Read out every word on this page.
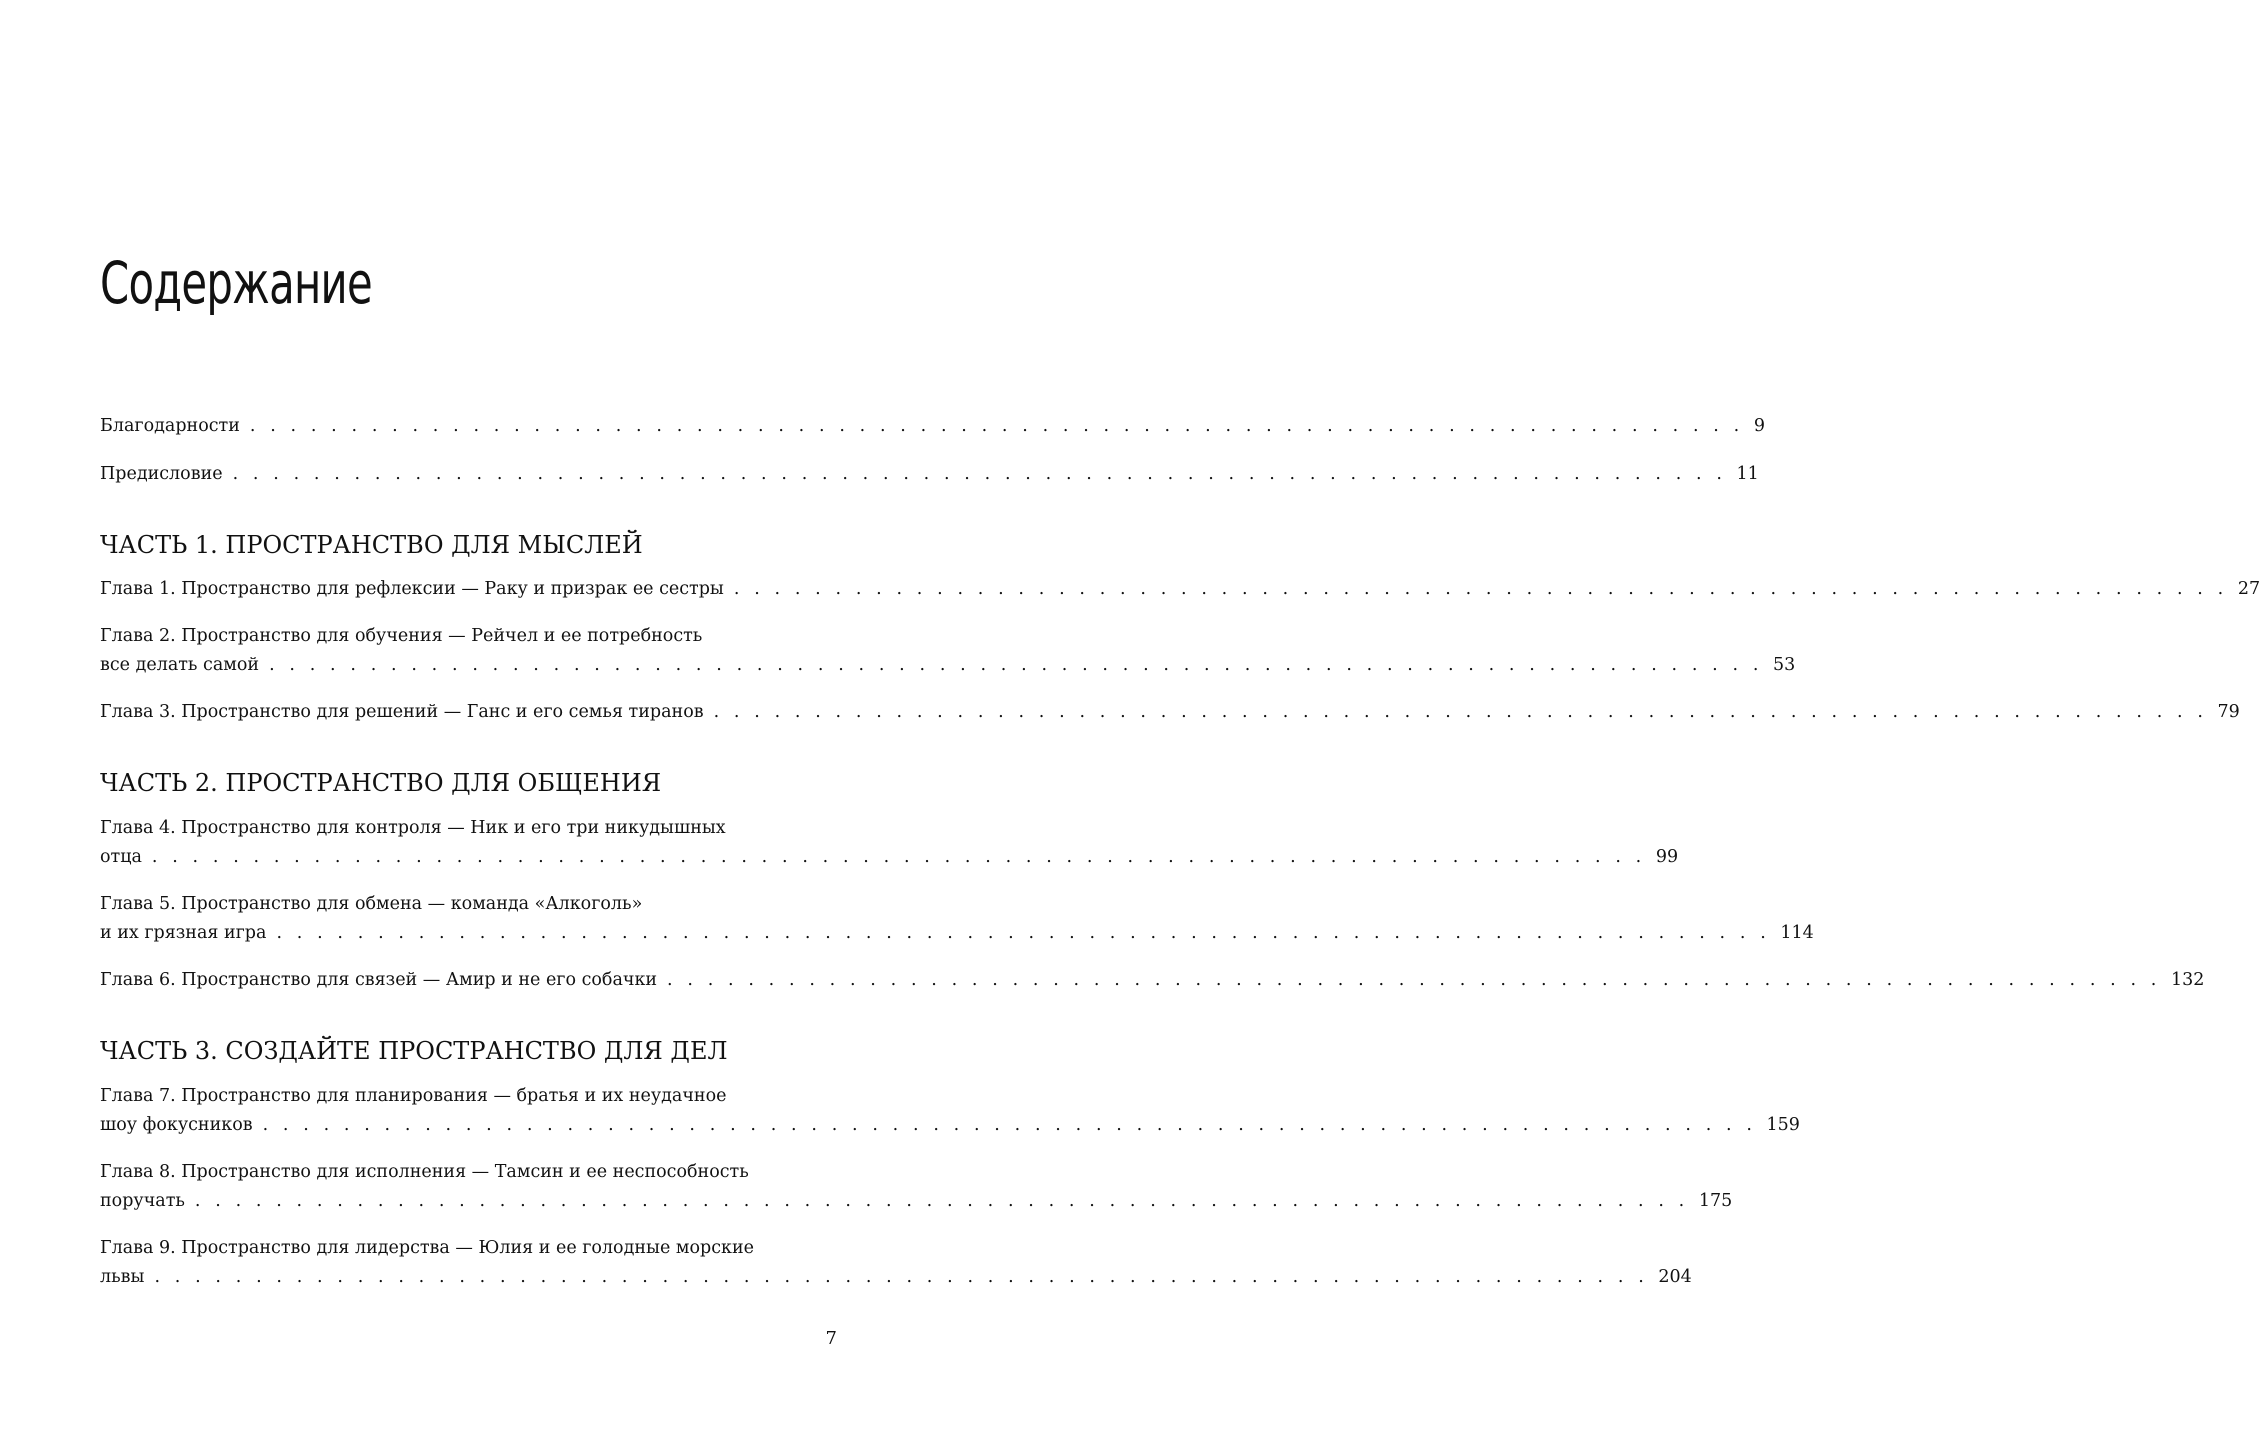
Содержание
Благодарности . . . . . . . . . . . . . . . . . . . . . . . . . . . . . . . . . . . . . . . . . . . . . . . . . . . . . . . . . . . . . . . . . . . . . . . . . . 9
Предисловие . . . . . . . . . . . . . . . . . . . . . . . . . . . . . . . . . . . . . . . . . . . . . . . . . . . . . . . . . . . . . . . . . . . . . . . . . . 11
ЧАСТЬ 1. ПРОСТРАНСТВО ДЛЯ МЫСЛЕЙ
Глава 1. Пространство для рефлексии — Раку и призрак ее сестры . . . . . . . . . . . . . . . . . . . . . . . . . . . . . . . . . . . . . . . . . . . . . . . . . . . . . . . . . . . . . . . . . . . . . . . . . . 27
Глава 2. Пространство для обучения — Рейчел и ее потребность
все делать самой . . . . . . . . . . . . . . . . . . . . . . . . . . . . . . . . . . . . . . . . . . . . . . . . . . . . . . . . . . . . . . . . . . . . . . . . . . 53
Глава 3. Пространство для решений — Ганс и его семья тиранов . . . . . . . . . . . . . . . . . . . . . . . . . . . . . . . . . . . . . . . . . . . . . . . . . . . . . . . . . . . . . . . . . . . . . . . . . . 79
ЧАСТЬ 2. ПРОСТРАНСТВО ДЛЯ ОБЩЕНИЯ
Глава 4. Пространство для контроля — Ник и его три никудышных
отца . . . . . . . . . . . . . . . . . . . . . . . . . . . . . . . . . . . . . . . . . . . . . . . . . . . . . . . . . . . . . . . . . . . . . . . . . . 99
Глава 5. Пространство для обмена — команда «Алкоголь»
и их грязная игра . . . . . . . . . . . . . . . . . . . . . . . . . . . . . . . . . . . . . . . . . . . . . . . . . . . . . . . . . . . . . . . . . . . . . . . . . . 114
Глава 6. Пространство для связей — Амир и не его собачки . . . . . . . . . . . . . . . . . . . . . . . . . . . . . . . . . . . . . . . . . . . . . . . . . . . . . . . . . . . . . . . . . . . . . . . . . . 132
ЧАСТЬ 3. СОЗДАЙТЕ ПРОСТРАНСТВО ДЛЯ ДЕЛ
Глава 7. Пространство для планирования — братья и их неудачное
шоу фокусников . . . . . . . . . . . . . . . . . . . . . . . . . . . . . . . . . . . . . . . . . . . . . . . . . . . . . . . . . . . . . . . . . . . . . . . . . . 159
Глава 8. Пространство для исполнения — Тамсин и ее неспособность
поручать . . . . . . . . . . . . . . . . . . . . . . . . . . . . . . . . . . . . . . . . . . . . . . . . . . . . . . . . . . . . . . . . . . . . . . . . . . 175
Глава 9. Пространство для лидерства — Юлия и ее голодные морские
львы . . . . . . . . . . . . . . . . . . . . . . . . . . . . . . . . . . . . . . . . . . . . . . . . . . . . . . . . . . . . . . . . . . . . . . . . . . 204
7
